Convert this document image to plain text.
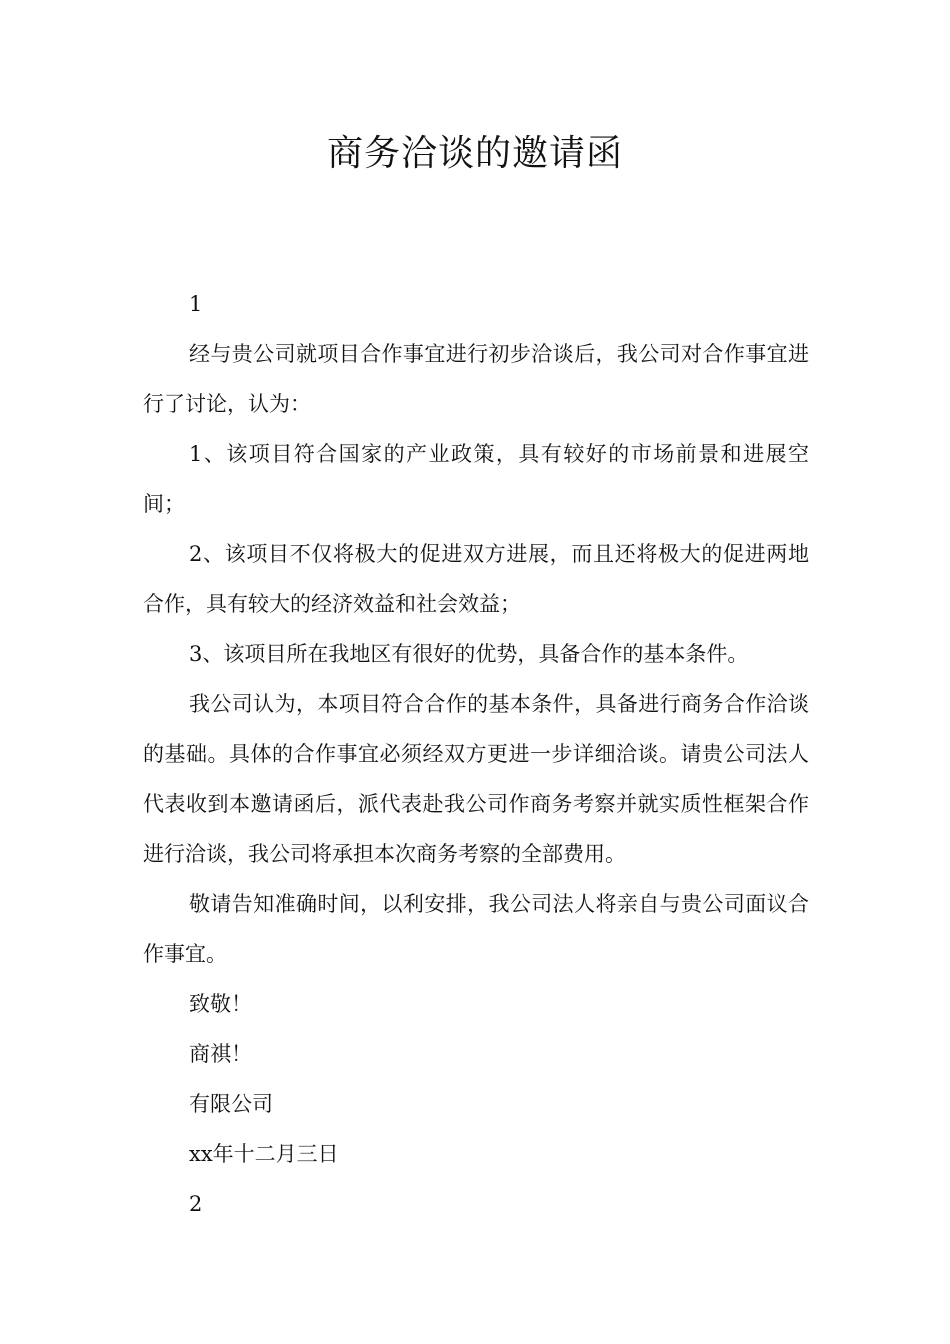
商务洽谈的邀请函

1

经与贵公司就项目合作事宜进行初步洽谈后，我公司对合作事宜进行了讨论，认为：

1、该项目符合国家的产业政策，具有较好的市场前景和进展空间；

2、该项目不仅将极大的促进双方进展，而且还将极大的促进两地合作，具有较大的经济效益和社会效益；

3、该项目所在我地区有很好的优势，具备合作的基本条件。

我公司认为，本项目符合合作的基本条件，具备进行商务合作洽谈的基础。具体的合作事宜必须经双方更进一步详细洽谈。请贵公司法人代表收到本邀请函后，派代表赴我公司作商务考察并就实质性框架合作进行洽谈，我公司将承担本次商务考察的全部费用。

敬请告知准确时间，以利安排，我公司法人将亲自与贵公司面议合作事宜。

致敬！

商祺！

有限公司

xx年十二月三日

2
